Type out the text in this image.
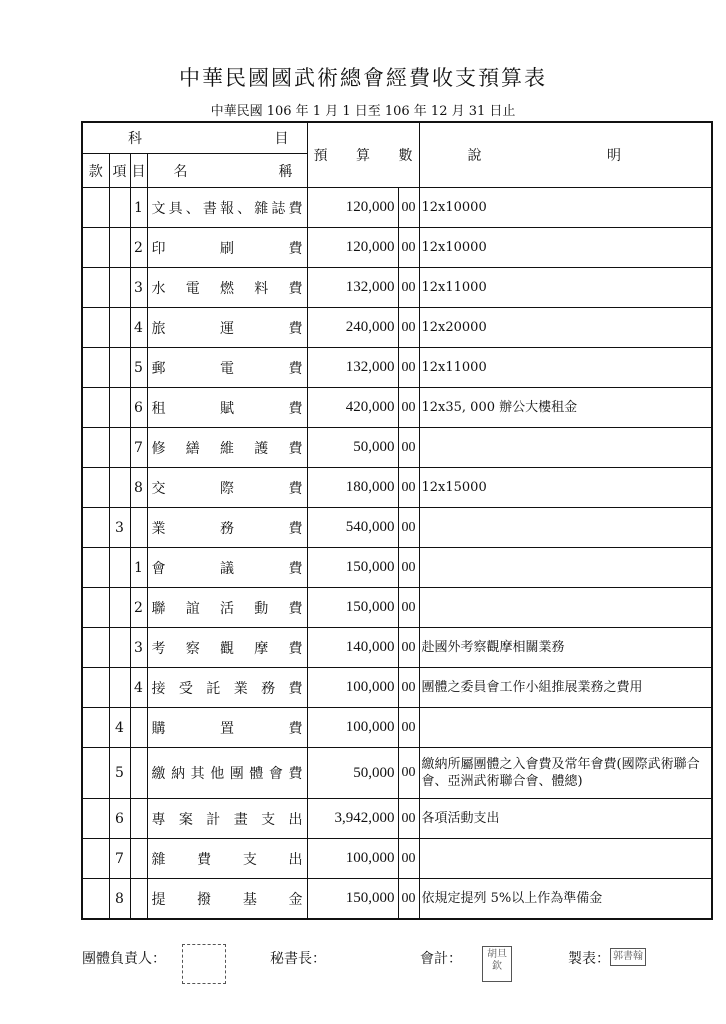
中華民國國武術總會經費收支預算表
中華民國 106 年 1 月 1 日至 106 年 12 月 31 日止
科 目				預 算 數		說 明

款	項	目	名 稱			

		1	文具、書報、雜誌費	120,000	00	12x10000
		2	印刷費	120,000	00	12x10000
		3	水電燃料費	132,000	00	12x11000
		4	旅運費	240,000	00	12x20000
		5	郵電費	132,000	00	12x11000
		6	租賦費	420,000	00	12x35, 000 辦公大樓租金
		7	修繕維護費	50,000	00	
		8	交際費	180,000	00	12x15000
	3		業務費	540,000	00	
		1	會議費	150,000	00	
		2	聯誼活動費	150,000	00	
		3	考察觀摩費	140,000	00	赴國外考察觀摩相關業務
		4	接受託業務費	100,000	00	團體之委員會工作小組推展業務之費用
	4		購置費	100,000	00	
	5		繳納其他團體會費	50,000	00	繳納所屬團體之入會費及常年會費(國際武術聯合會、亞洲武術聯合會、體總)
	6		專案計畫支出	3,942,000	00	各項活動支出
	7		雜費支出	100,000	00	
	8		提撥基金	150,000	00	依規定提列 5%以上作為準備金
團體負責人：	秘書長：	會計：	胡旦欽	製表： 郭書翰
